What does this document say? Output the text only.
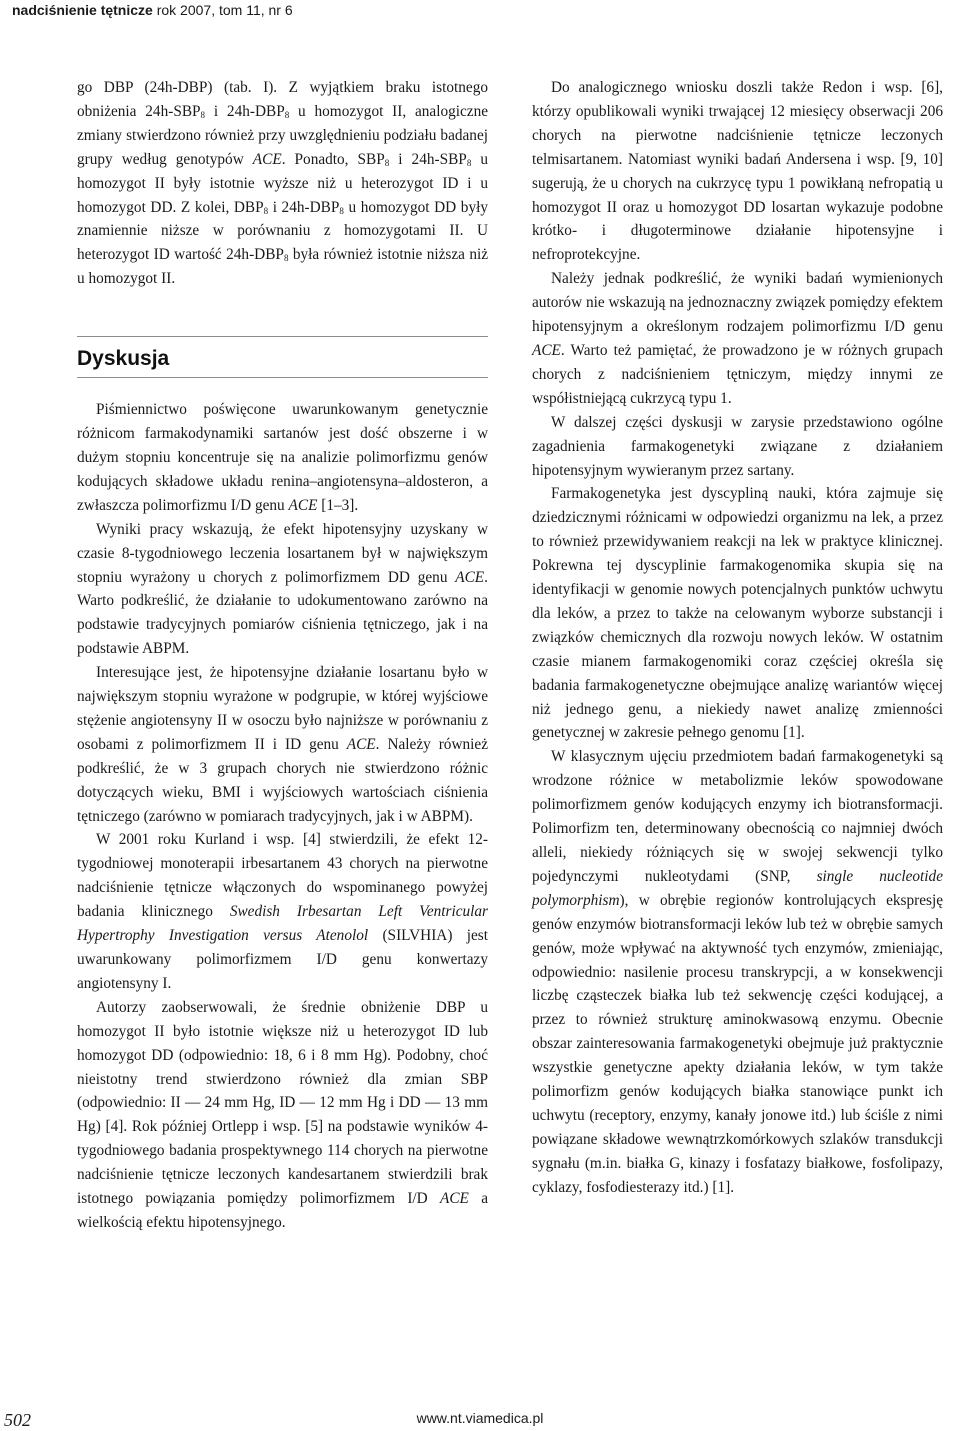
nadciśnienie tętnicze rok 2007, tom 11, nr 6

go DBP (24h-DBP) (tab. I). Z wyjątkiem braku istotnego obniżenia $24h-SBP_8$ i $24h-DBP_8$ u homozygot II, analogiczne zmiany stwierdzono również przy uwzględnieniu podziału badanej grupy według genotypów ACE. Ponadto, $SBP_8$ i $24h-SBP_8$ u homozygot II były istotnie wyższe niż u heterozygot ID i u homozygot DD. Z kolei, $DBP_8$ i $24h-DBP_8$ u homozygot DD były znamiennie niższe w porównaniu z homozygotami II. U heterozygot ID wartość $24h-DBP_8$ była również istotnie niższa niż u homozygot II.

Dyskusja

Piśmiennictwo poświęcone uwarunkowanym genetycznie różnicom farmakodynamiki sartanów jest dość obszerne i w dużym stopniu koncentruje się na analizie polimorfizmu genów kodujących składowe układu renina–angiotensyna–aldosteron, a zwłaszcza polimorfizmu I/D genu ACE [1–3].

Wyniki pracy wskazują, że efekt hipotensyjny uzyskany w czasie 8-tygodniowego leczenia losartanem był w największym stopniu wyrażony u chorych z polimorfizmem DD genu ACE. Warto podkreślić, że działanie to udokumentowano zarówno na podstawie tradycyjnych pomiarów ciśnienia tętniczego, jak i na podstawie ABPM.

Interesujące jest, że hipotensyjne działanie losartanu było w największym stopniu wyrażone w podgrupie, w której wyjściowe stężenie angiotensyny II w osoczu było najniższe w porównaniu z osobami z polimorfizmem II i ID genu ACE. Należy również podkreślić, że w 3 grupach chorych nie stwierdzono różnic dotyczących wieku, BMI i wyjściowych wartościach ciśnienia tętniczego (zarówno w pomiarach tradycyjnych, jak i w ABPM).

W 2001 roku Kurland i wsp. [4] stwierdzili, że efekt 12-tygodniowej monoterapii irbesartanem 43 chorych na pierwotne nadciśnienie tętnicze włączonych do wspominanego powyżej badania klinicznego Swedish Irbesartan Left Ventricular Hypertrophy Investigation versus Atenolol (SILVHIA) jest uwarunkowany polimorfizmem I/D genu konwertazy angiotensyny I.

Autorzy zaobserwowali, że średnie obniżenie DBP u homozygot II było istotnie większe niż u heterozygot ID lub homozygot DD (odpowiednio: 18, 6 i 8 mm Hg). Podobny, choć nieistotny trend stwierdzono również dla zmian SBP (odpowiednio: II — 24 mm Hg, ID — 12 mm Hg i DD — 13 mm Hg) [4]. Rok później Ortlepp i wsp. [5] na podstawie wyników 4-tygodniowego badania prospektywnego 114 chorych na pierwotne nadciśnienie tętnicze leczonych kandesartanem stwierdzili brak istotnego powiązania pomiędzy polimorfizmem I/D ACE a wielkością efektu hipotensyjnego.

Do analogicznego wniosku doszli także Redon i wsp. [6], którzy opublikowali wyniki trwającej 12 miesięcy obserwacji 206 chorych na pierwotne nadciśnienie tętnicze leczonych telmisartanem. Natomiast wyniki badań Andersena i wsp. [9, 10] sugerują, że u chorych na cukrzycę typu 1 powikłaną nefropatią u homozygot II oraz u homozygot DD losartan wykazuje podobne krótko- i długoterminowe działanie hipotensyjne i nefroprotekcyjne.

Należy jednak podkreślić, że wyniki badań wymienionych autorów nie wskazują na jednoznaczny związek pomiędzy efektem hipotensyjnym a określonym rodzajem polimorfizmu I/D genu ACE. Warto też pamiętać, że prowadzono je w różnych grupach chorych z nadciśnieniem tętniczym, między innymi ze współistniejącą cukrzycą typu 1.

W dalszej części dyskusji w zarysie przedstawiono ogólne zagadnienia farmakogenetyki związane z działaniem hipotensyjnym wywieranym przez sartany.

Farmakogenetyka jest dyscypliną nauki, która zajmuje się dziedzicznymi różnicami w odpowiedzi organizmu na lek, a przez to również przewidywaniem reakcji na lek w praktyce klinicznej. Pokrewna tej dyscyplinie farmakogenomika skupia się na identyfikacji w genomie nowych potencjalnych punktów uchwytu dla leków, a przez to także na celowanym wyborze substancji i związków chemicznych dla rozwoju nowych leków. W ostatnim czasie mianem farmakogenomiki coraz częściej określa się badania farmakogenetyczne obejmujące analizę wariantów więcej niż jednego genu, a niekiedy nawet analizę zmienności genetycznej w zakresie pełnego genomu [1].

W klasycznym ujęciu przedmiotem badań farmakogenetyki są wrodzone różnice w metabolizmie leków spowodowane polimorfizmem genów kodujących enzymy ich biotransformacji. Polimorfizm ten, determinowany obecnością co najmniej dwóch alleli, niekiedy różniących się w swojej sekwencji tylko pojedynczymi nukleotydami (SNP, single nucleotide polymorphism), w obrębie regionów kontrolujących ekspresję genów enzymów biotransformacji leków lub też w obrębie samych genów, może wpływać na aktywność tych enzymów, zmieniając, odpowiednio: nasilenie procesu transkrypcji, a w konsekwencji liczbę cząsteczek białka lub też sekwencję części kodującej, a przez to również strukturę aminokwasową enzymu. Obecnie obszar zainteresowania farmakogenetyki obejmuje już praktycznie wszystkie genetyczne apekty działania leków, w tym także polimorfizm genów kodujących białka stanowiące punkt ich uchwytu (receptory, enzymy, kanały jonowe itd.) lub ściśle z nimi powiązane składowe wewnątrzkomórkowych szlaków transdukcji sygnału (m.in. białka G, kinazy i fosfatazy białkowe, fosfolipazy, cyklazy, fosfodiesterazy itd.) [1].

502	www.nt.viamedica.pl
